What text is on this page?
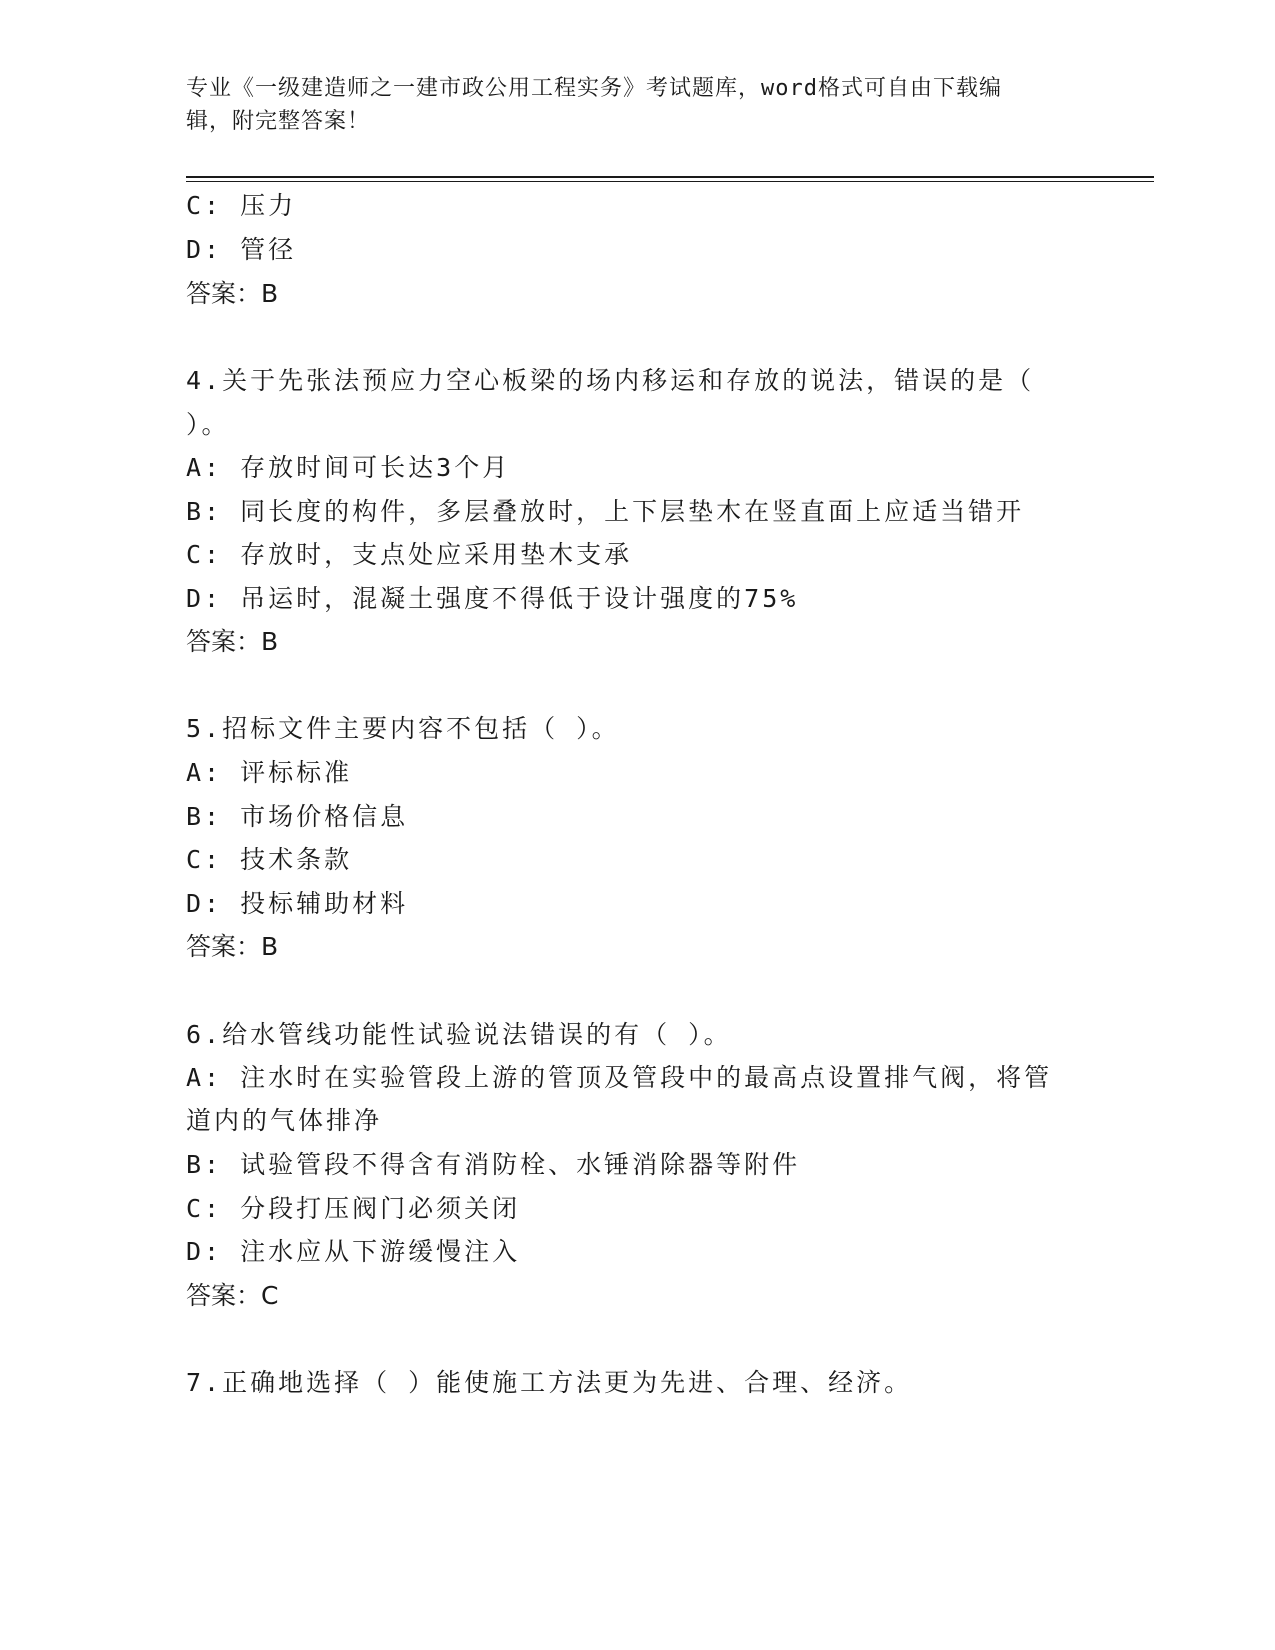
专业《一级建造师之一建市政公用工程实务》考试题库，word格式可自由下载编
辑，附完整答案！
C: 压力
D: 管径
答案：B
4.关于先张法预应力空心板梁的场内移运和存放的说法，错误的是（
）。
A: 存放时间可长达3个月
B: 同长度的构件，多层叠放时，上下层垫木在竖直面上应适当错开
C: 存放时，支点处应采用垫木支承
D: 吊运时，混凝土强度不得低于设计强度的75%
答案：B
5.招标文件主要内容不包括（ ）。
A: 评标标准
B: 市场价格信息
C: 技术条款
D: 投标辅助材料
答案：B
6.给水管线功能性试验说法错误的有（ ）。
A: 注水时在实验管段上游的管顶及管段中的最高点设置排气阀，将管
道内的气体排净
B: 试验管段不得含有消防栓、水锤消除器等附件
C: 分段打压阀门必须关闭
D: 注水应从下游缓慢注入
答案：C
7.正确地选择（ ）能使施工方法更为先进、合理、经济。
